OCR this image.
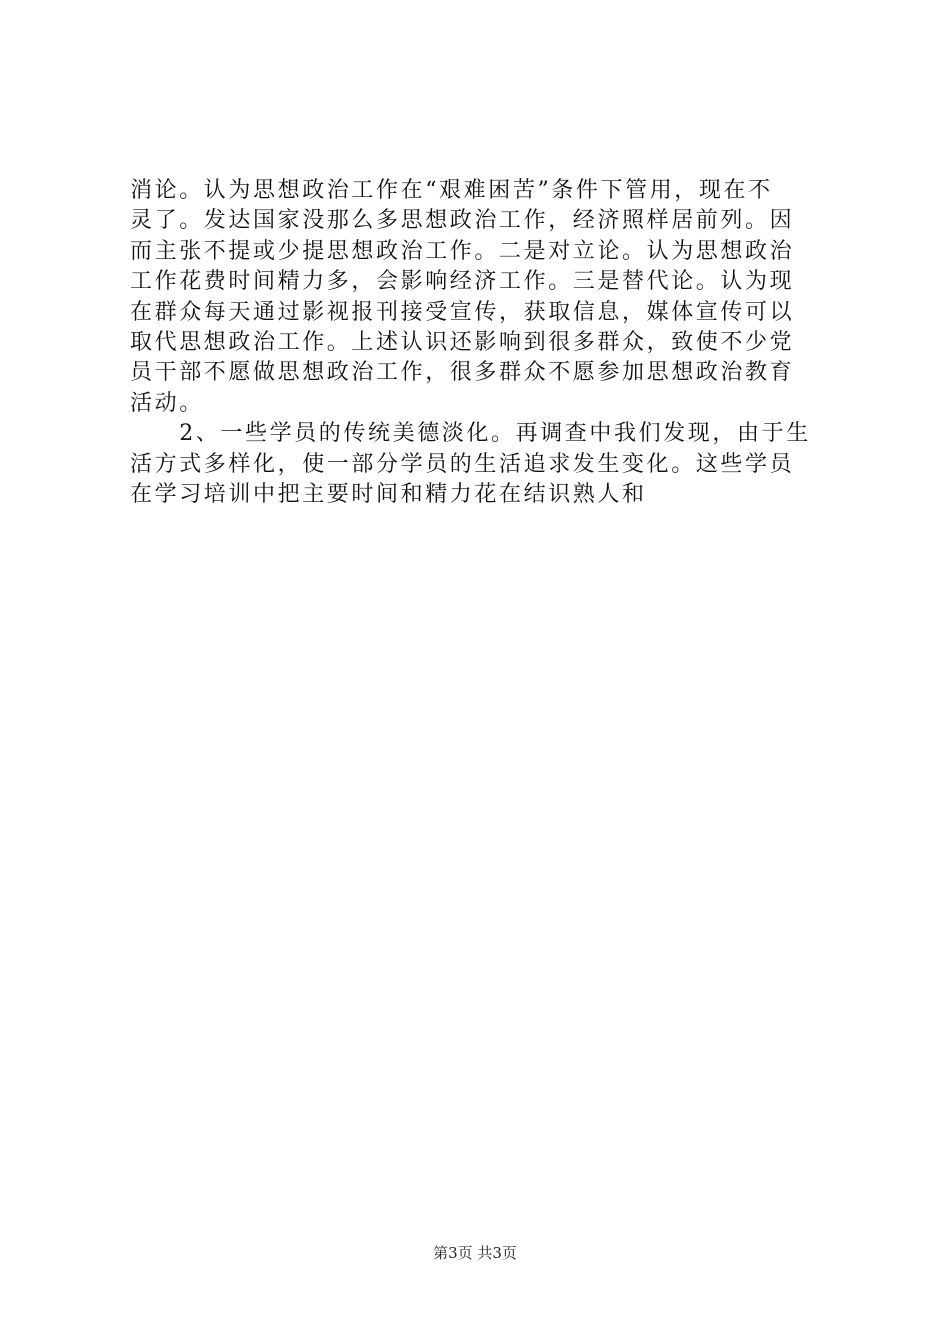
消论。认为思想政治工作在“艰难困苦”条件下管用，现在不
灵了。发达国家没那么多思想政治工作，经济照样居前列。因
而主张不提或少提思想政治工作。二是对立论。认为思想政治
工作花费时间精力多，会影响经济工作。三是替代论。认为现
在群众每天通过影视报刊接受宣传，获取信息，媒体宣传可以
取代思想政治工作。上述认识还影响到很多群众，致使不少党
员干部不愿做思想政治工作，很多群众不愿参加思想政治教育
活动。
　　2、一些学员的传统美德淡化。再调查中我们发现，由于生
活方式多样化，使一部分学员的生活追求发生变化。这些学员
在学习培训中把主要时间和精力花在结识熟人和
第3页 共3页
